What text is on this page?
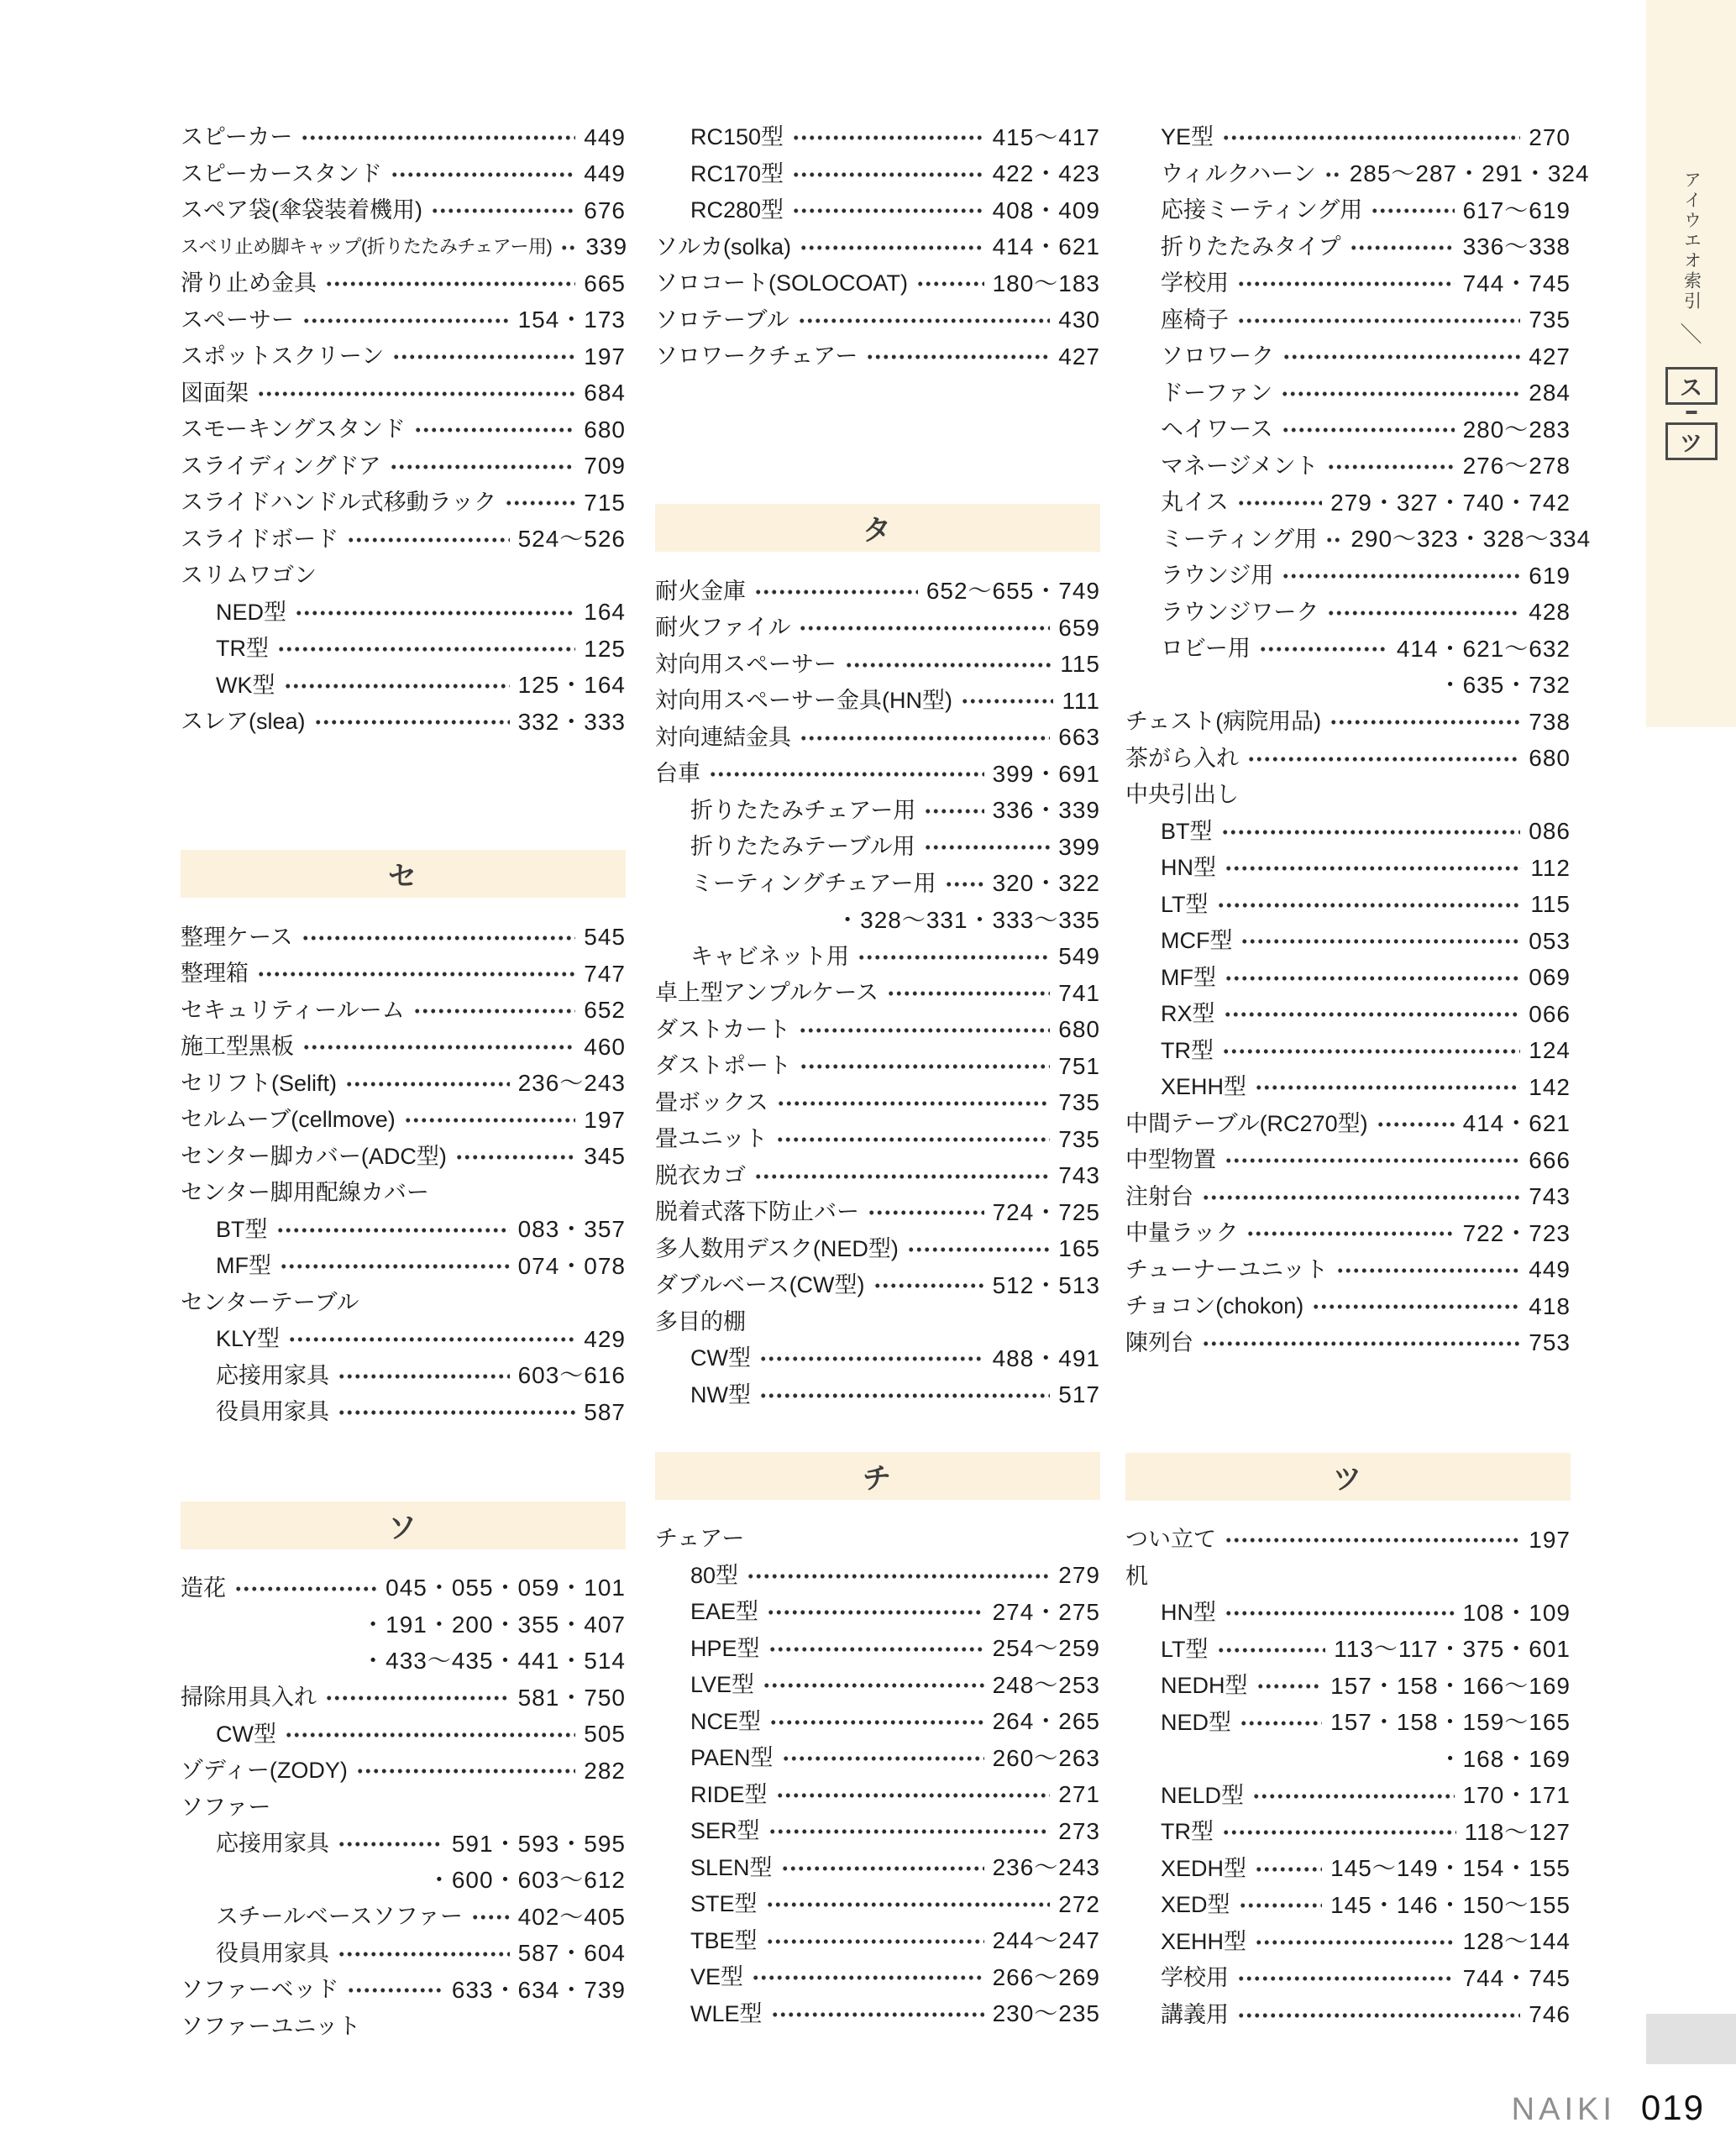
スピーカー	449
スピーカースタンド	449
スペア袋(傘袋装着機用)	676
スベリ止め脚キャップ(折りたたみチェアー用) 339
滑り止め金具	665
スペーサー	154・173
スポットスクリーン	197
図面架	684
スモーキングスタンド	680
スライディングドア	709
スライドハンドル式移動ラック	715
スライドボード	524〜526
スリムワゴン
NED型	164
TR型	125
WK型	125・164
スレア(slea)	332・333
セ
整理ケース	545
整理箱	747
セキュリティールーム	652
施工型黒板	460
セリフト(Selift)	236〜243
セルムーブ(cellmove)	197
センター脚カバー(ADC型)	345
センター脚用配線カバー
BT型	083・357
MF型	074・078
センターテーブル
KLY型	429
応接用家具	603〜616
役員用家具	587
ソ
造花	045・055・059・101
・191・200・355・407
・433〜435・441・514
掃除用具入れ	581・750
CW型	505
ゾディー(ZODY)	282
ソファー
応接用家具	591・593・595
・600・603〜612
スチールベースソファー 402〜405
役員用家具	587・604
ソファーベッド	633・634・739
ソファーユニット
RC150型	415〜417
RC170型	422・423
RC280型	408・409
ソルカ(solka)	414・621
ソロコート(SOLOCOAT)	180〜183
ソロテーブル	430
ソロワークチェアー	427
タ
耐火金庫	652〜655・749
耐火ファイル	659
対向用スペーサー	115
対向用スペーサー金具(HN型)	111
対向連結金具	663
台車	399・691
折りたたみチェアー用	336・339
折りたたみテーブル用	399
ミーティングチェアー用 320・322
・328〜331・333〜335
キャビネット用	549
卓上型アンプルケース	741
ダストカート	680
ダストポート	751
畳ボックス	735
畳ユニット	735
脱衣カゴ	743
脱着式落下防止バー	724・725
多人数用デスク(NED型)	165
ダブルベース(CW型)	512・513
多目的棚
CW型	488・491
NW型	517
チ
チェアー
80型	279
EAE型	274・275
HPE型	254〜259
LVE型	248〜253
NCE型	264・265
PAEN型	260〜263
RIDE型	271
SER型	273
SLEN型	236〜243
STE型	272
TBE型	244〜247
VE型	266〜269
WLE型	230〜235
YE型	270
ウィルクハーン 285〜287・291・324
応接ミーティング用	617〜619
折りたたみタイプ	336〜338
学校用	744・745
座椅子	735
ソロワーク	427
ドーファン	284
ヘイワース	280〜283
マネージメント	276〜278
丸イス	279・327・740・742
ミーティング用 290〜323・328〜334
ラウンジ用	619
ラウンジワーク	428
ロビー用	414・621〜632
・635・732
チェスト(病院用品)	738
茶がら入れ	680
中央引出し
BT型	086
HN型	112
LT型	115
MCF型	053
MF型	069
RX型	066
TR型	124
XEHH型	142
中間テーブル(RC270型)	414・621
中型物置	666
注射台	743
中量ラック	722・723
チューナーユニット	449
チョコン(chokon)	418
陳列台	753
ツ
つい立て	197
机
HN型	108・109
LT型	113〜117・375・601
NEDH型	157・158・166〜169
NED型	157・158・159〜165
・168・169
NELD型	170・171
TR型	118〜127
XEDH型	145〜149・154・155
XED型	145・146・150〜155
XEHH型	128〜144
学校用	744・745
講義用	746
アイウエオ索引
＼
ス
ツ
NAIKI 019
